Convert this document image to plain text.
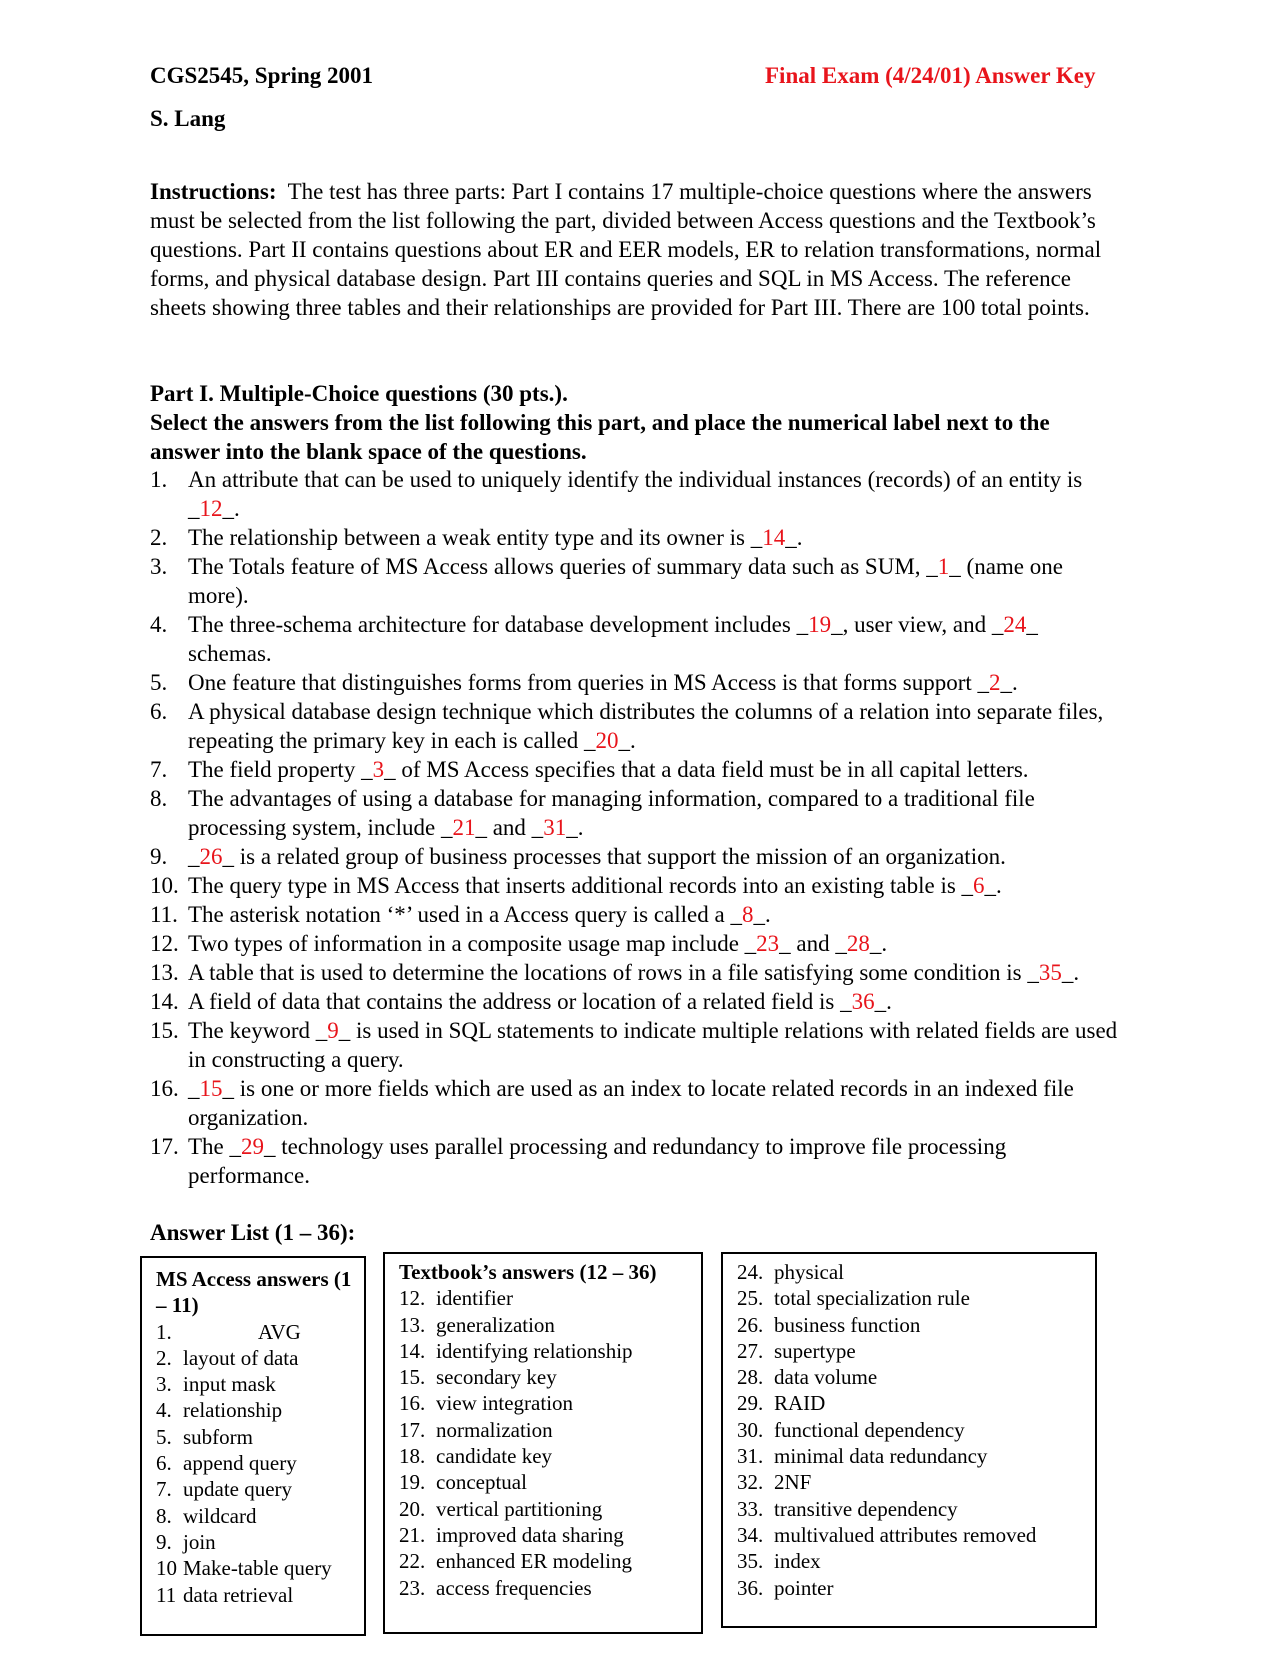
CGS2545, Spring 2001	Final Exam (4/24/01) Answer Key
S. Lang
Instructions: The test has three parts: Part I contains 17 multiple-choice questions where the answers must be selected from the list following the part, divided between Access questions and the Textbook’s questions. Part II contains questions about ER and EER models, ER to relation transformations, normal forms, and physical database design. Part III contains queries and SQL in MS Access. The reference sheets showing three tables and their relationships are provided for Part III. There are 100 total points.
Part I. Multiple-Choice questions (30 pts.).
Select the answers from the list following this part, and place the numerical label next to the answer into the blank space of the questions.
1. An attribute that can be used to uniquely identify the individual instances (records) of an entity is _12_.
2. The relationship between a weak entity type and its owner is _14_.
3. The Totals feature of MS Access allows queries of summary data such as SUM, _1_ (name one more).
4. The three-schema architecture for database development includes _19_, user view, and _24_ schemas.
5. One feature that distinguishes forms from queries in MS Access is that forms support _2_.
6. A physical database design technique which distributes the columns of a relation into separate files, repeating the primary key in each is called _20_.
7. The field property _3_ of MS Access specifies that a data field must be in all capital letters.
8. The advantages of using a database for managing information, compared to a traditional file processing system, include _21_ and _31_.
9. _26_ is a related group of business processes that support the mission of an organization.
10. The query type in MS Access that inserts additional records into an existing table is _6_.
11. The asterisk notation ‘*’ used in a Access query is called a _8_.
12. Two types of information in a composite usage map include _23_ and _28_.
13. A table that is used to determine the locations of rows in a file satisfying some condition is _35_.
14. A field of data that contains the address or location of a related field is _36_.
15. The keyword _9_ is used in SQL statements to indicate multiple relations with related fields are used in constructing a query.
16. _15_ is one or more fields which are used as an index to locate related records in an indexed file organization.
17. The _29_ technology uses parallel processing and redundancy to improve file processing performance.
Answer List (1 – 36):
MS Access answers (1 – 11)
1.	AVG
2. layout of data
3. input mask
4. relationship
5. subform
6. append query
7. update query
8. wildcard
9. join
10 Make-table query
11 data retrieval
Textbook’s answers (12 – 36)
12. identifier
13. generalization
14. identifying relationship
15. secondary key
16. view integration
17. normalization
18. candidate key
19. conceptual
20. vertical partitioning
21. improved data sharing
22. enhanced ER modeling
23. access frequencies
24. physical
25. total specialization rule
26. business function
27. supertype
28. data volume
29. RAID
30. functional dependency
31. minimal data redundancy
32. 2NF
33. transitive dependency
34. multivalued attributes removed
35. index
36. pointer
